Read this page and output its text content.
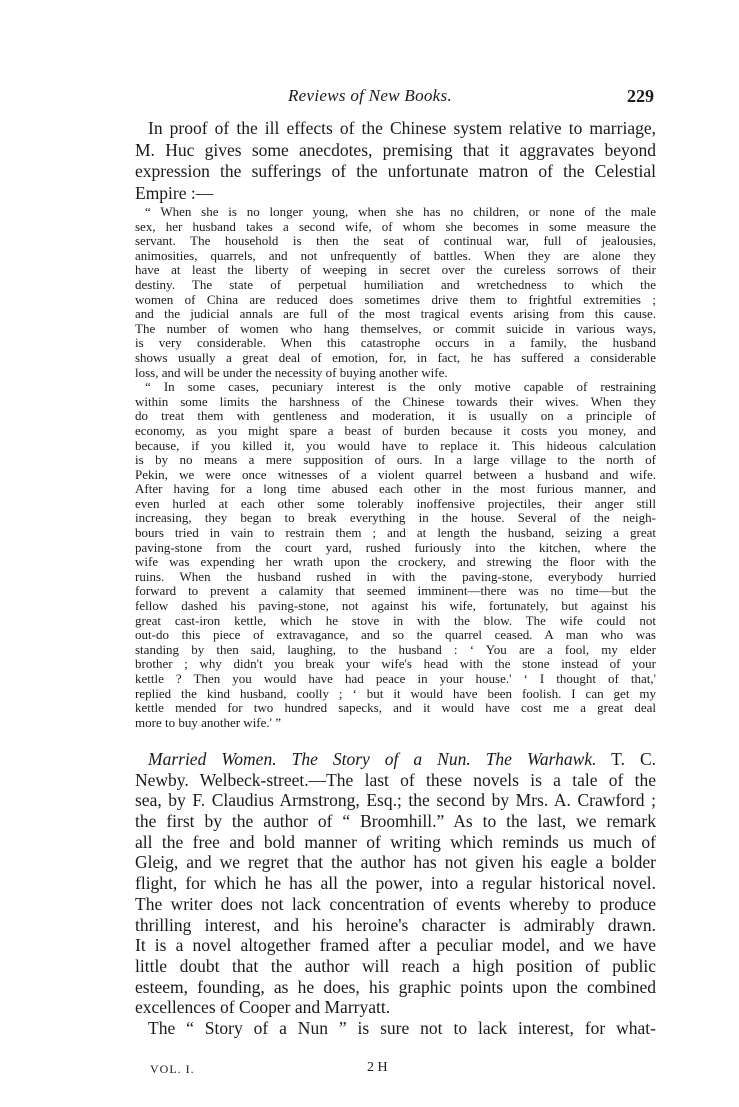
Reviews of New Books.	229
In proof of the ill effects of the Chinese system relative to marriage,
M. Huc gives some anecdotes, premising that it aggravates beyond
expression the sufferings of the unfortunate matron of the Celestial
Empire :—
“ When she is no longer young, when she has no children, or none of the male
sex, her husband takes a second wife, of whom she becomes in some measure the
servant. The household is then the seat of continual war, full of jealousies,
animosities, quarrels, and not unfrequently of battles. When they are alone they
have at least the liberty of weeping in secret over the cureless sorrows of their
destiny. The state of perpetual humiliation and wretchedness to which the
women of China are reduced does sometimes drive them to frightful extremities ;
and the judicial annals are full of the most tragical events arising from this cause.
The number of women who hang themselves, or commit suicide in various ways,
is very considerable. When this catastrophe occurs in a family, the husband
shows usually a great deal of emotion, for, in fact, he has suffered a considerable
loss, and will be under the necessity of buying another wife.
“ In some cases, pecuniary interest is the only motive capable of restraining
within some limits the harshness of the Chinese towards their wives. When they
do treat them with gentleness and moderation, it is usually on a principle of
economy, as you might spare a beast of burden because it costs you money, and
because, if you killed it, you would have to replace it. This hideous calculation
is by no means a mere supposition of ours. In a large village to the north of
Pekin, we were once witnesses of a violent quarrel between a husband and wife.
After having for a long time abused each other in the most furious manner, and
even hurled at each other some tolerably inoffensive projectiles, their anger still
increasing, they began to break everything in the house. Several of the neigh-
bours tried in vain to restrain them ; and at length the husband, seizing a great
paving-stone from the court yard, rushed furiously into the kitchen, where the
wife was expending her wrath upon the crockery, and strewing the floor with the
ruins. When the husband rushed in with the paving-stone, everybody hurried
forward to prevent a calamity that seemed imminent—there was no time—but the
fellow dashed his paving-stone, not against his wife, fortunately, but against his
great cast-iron kettle, which he stove in with the blow. The wife could not
out-do this piece of extravagance, and so the quarrel ceased. A man who was
standing by then said, laughing, to the husband : ‘ You are a fool, my elder
brother ; why didn't you break your wife's head with the stone instead of your
kettle ? Then you would have had peace in your house.' ‘ I thought of that,'
replied the kind husband, coolly ; ‘ but it would have been foolish. I can get my
kettle mended for two hundred sapecks, and it would have cost me a great deal
more to buy another wife.' ”
Married Women. The Story of a Nun. The Warhawk. T. C.
Newby. Welbeck-street.—The last of these novels is a tale of the
sea, by F. Claudius Armstrong, Esq.; the second by Mrs. A. Crawford ;
the first by the author of “ Broomhill.” As to the last, we remark
all the free and bold manner of writing which reminds us much of
Gleig, and we regret that the author has not given his eagle a bolder
flight, for which he has all the power, into a regular historical novel.
The writer does not lack concentration of events whereby to produce
thrilling interest, and his heroine's character is admirably drawn.
It is a novel altogether framed after a peculiar model, and we have
little doubt that the author will reach a high position of public
esteem, founding, as he does, his graphic points upon the combined
excellences of Cooper and Marryatt.
The “ Story of a Nun ” is sure not to lack interest, for what-
VOL. I.	2 H
